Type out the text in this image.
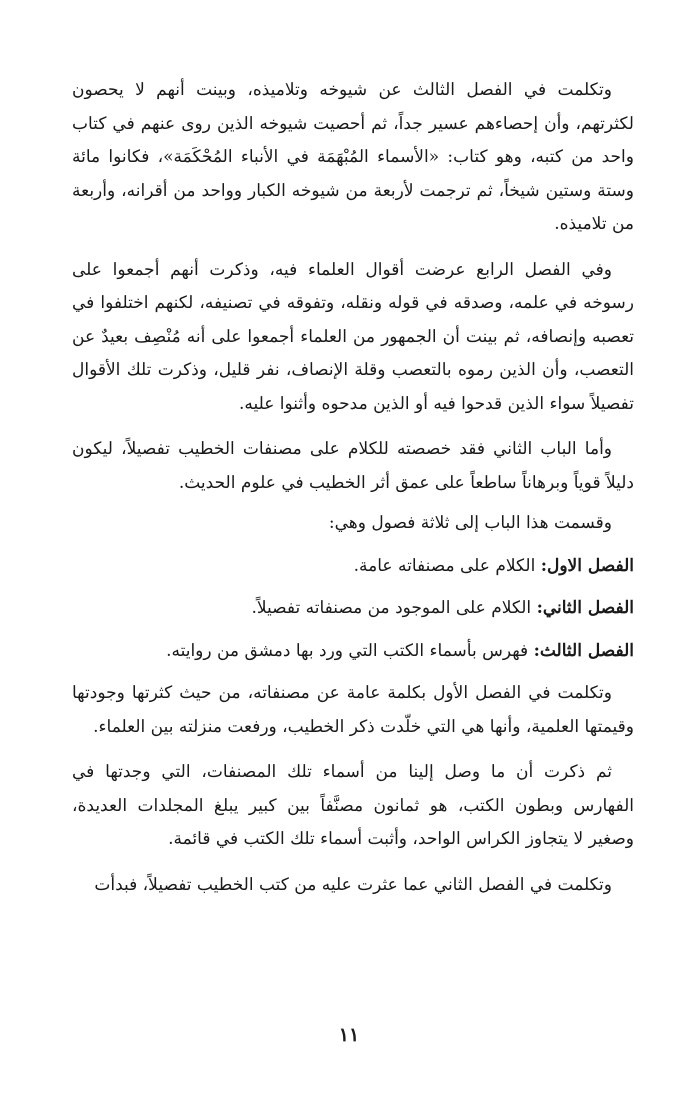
وتكلمت في الفصل الثالث عن شيوخه وتلاميذه، وبينت أنهم لا يحصون لكثرتهم، وأن إحصاءهم عسير جداً، ثم أحصيت شيوخه الذين روى عنهم في كتاب واحد من كتبه، وهو كتاب: «الأسماء المُبْهَمَة في الأنباء المُحْكَمَة»، فكانوا مائة وستة وستين شيخاً، ثم ترجمت لأربعة من شيوخه الكبار وواحد من أقرانه، وأربعة من تلاميذه.

وفي الفصل الرابع عرضت أقوال العلماء فيه، وذكرت أنهم أجمعوا على رسوخه في علمه، وصدقه في قوله ونقله، وتفوقه في تصنيفه، لكنهم اختلفوا في تعصبه وإنصافه، ثم بينت أن الجمهور من العلماء أجمعوا على أنه مُنْصِف بعيدٌ عن التعصب، وأن الذين رموه بالتعصب وقلة الإنصاف، نفر قليل، وذكرت تلك الأقوال تفصيلاً سواء الذين قدحوا فيه أو الذين مدحوه وأثنوا عليه.

وأما الباب الثاني فقد خصصته للكلام على مصنفات الخطيب تفصيلاً، ليكون دليلاً قوياً وبرهاناً ساطعاً على عمق أثر الخطيب في علوم الحديث.

وقسمت هذا الباب إلى ثلاثة فصول وهي:

الفصل الاول: الكلام على مصنفاته عامة.

الفصل الثاني: الكلام على الموجود من مصنفاته تفصيلاً.

الفصل الثالث: فهرس بأسماء الكتب التي ورد بها دمشق من روايته.

وتكلمت في الفصل الأول بكلمة عامة عن مصنفاته، من حيث كثرتها وجودتها وقيمتها العلمية، وأنها هي التي خلّدت ذكر الخطيب، ورفعت منزلته بين العلماء.

ثم ذكرت أن ما وصل إلينا من أسماء تلك المصنفات، التي وجدتها في الفهارس وبطون الكتب، هو ثمانون مصنَّفاً بين كبير يبلغ المجلدات العديدة، وصغير لا يتجاوز الكراس الواحد، وأثبت أسماء تلك الكتب في قائمة.

وتكلمت في الفصل الثاني عما عثرت عليه من كتب الخطيب تفصيلاً، فبدأت

١١
